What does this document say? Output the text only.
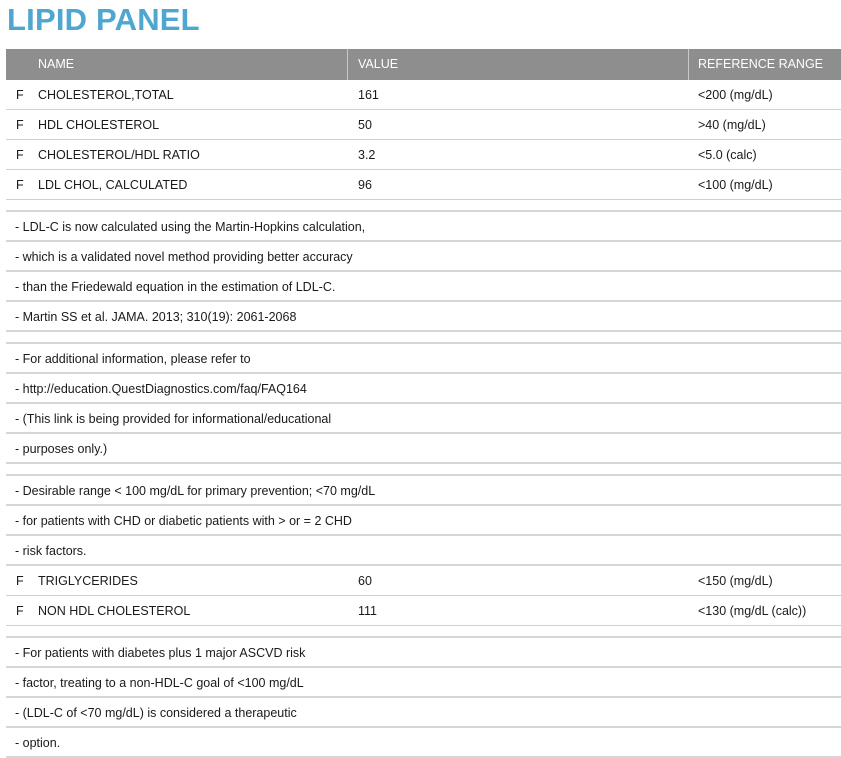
LIPID PANEL
NAME	VALUE	REFERENCE RANGE
F CHOLESTEROL,TOTAL	161	<200 (mg/dL)
F HDL CHOLESTEROL	50	>40 (mg/dL)
F CHOLESTEROL/HDL RATIO	3.2	<5.0 (calc)
F LDL CHOL, CALCULATED	96	<100 (mg/dL)
- LDL-C is now calculated using the Martin-Hopkins calculation,
- which is a validated novel method providing better accuracy
- than the Friedewald equation in the estimation of LDL-C.
- Martin SS et al. JAMA. 2013; 310(19): 2061-2068
- For additional information, please refer to
- http://education.QuestDiagnostics.com/faq/FAQ164
- (This link is being provided for informational/educational
- purposes only.)
- Desirable range < 100 mg/dL for primary prevention; <70 mg/dL
- for patients with CHD or diabetic patients with > or = 2 CHD
- risk factors.
F TRIGLYCERIDES	60	<150 (mg/dL)
F NON HDL CHOLESTEROL	111	<130 (mg/dL (calc))
- For patients with diabetes plus 1 major ASCVD risk
- factor, treating to a non-HDL-C goal of <100 mg/dL
- (LDL-C of <70 mg/dL) is considered a therapeutic
- option.
